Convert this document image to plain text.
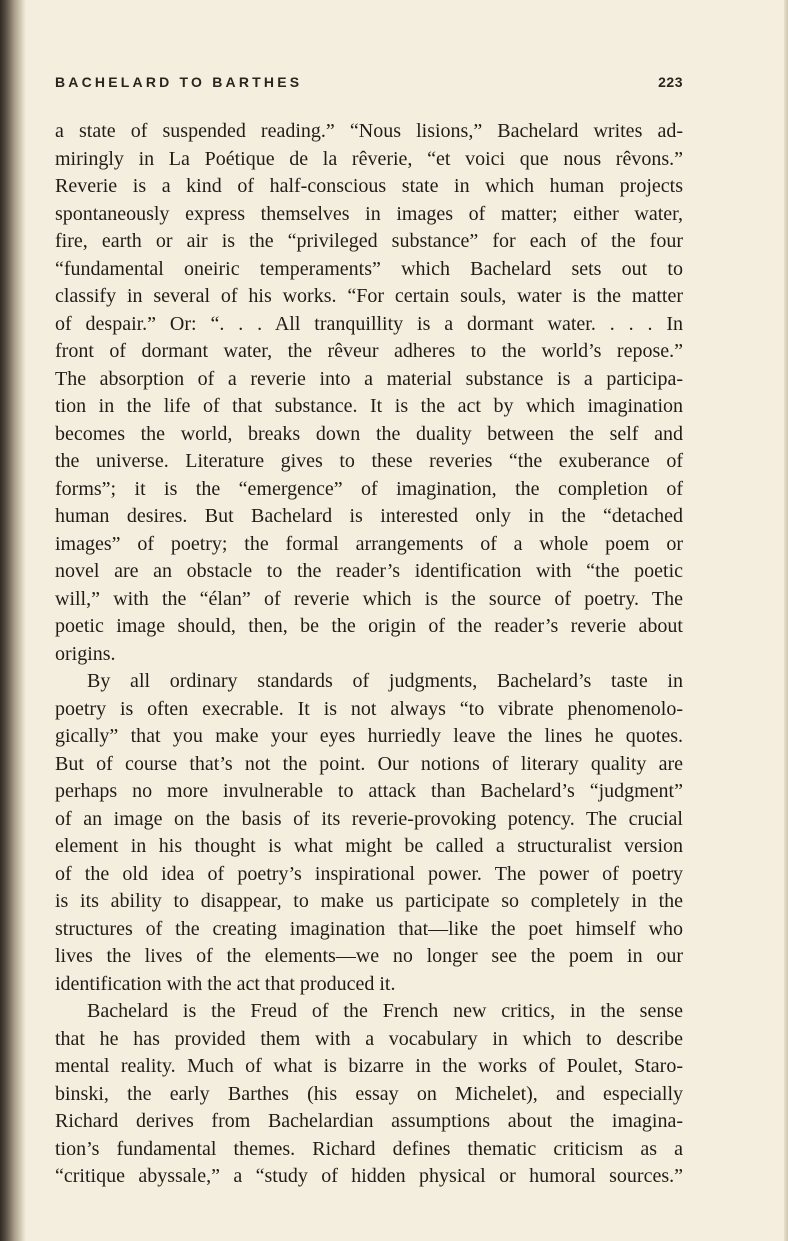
BACHELARD TO BARTHES	223
a state of suspended reading.” “Nous lisions,” Bachelard writes ad-
miringly in La Poétique de la rêverie, “et voici que nous rêvons.”
Reverie is a kind of half-conscious state in which human projects
spontaneously express themselves in images of matter; either water,
fire, earth or air is the “privileged substance” for each of the four
“fundamental oneiric temperaments” which Bachelard sets out to
classify in several of his works. “For certain souls, water is the matter
of despair.” Or: “. . . All tranquillity is a dormant water. . . . In
front of dormant water, the rêveur adheres to the world’s repose.”
The absorption of a reverie into a material substance is a participa-
tion in the life of that substance. It is the act by which imagination
becomes the world, breaks down the duality between the self and
the universe. Literature gives to these reveries “the exuberance of
forms”; it is the “emergence” of imagination, the completion of
human desires. But Bachelard is interested only in the “detached
images” of poetry; the formal arrangements of a whole poem or
novel are an obstacle to the reader’s identification with “the poetic
will,” with the “élan” of reverie which is the source of poetry. The
poetic image should, then, be the origin of the reader’s reverie about
origins.
By all ordinary standards of judgments, Bachelard’s taste in
poetry is often execrable. It is not always “to vibrate phenomenolo-
gically” that you make your eyes hurriedly leave the lines he quotes.
But of course that’s not the point. Our notions of literary quality are
perhaps no more invulnerable to attack than Bachelard’s “judgment”
of an image on the basis of its reverie-provoking potency. The crucial
element in his thought is what might be called a structuralist version
of the old idea of poetry’s inspirational power. The power of poetry
is its ability to disappear, to make us participate so completely in the
structures of the creating imagination that—like the poet himself who
lives the lives of the elements—we no longer see the poem in our
identification with the act that produced it.
Bachelard is the Freud of the French new critics, in the sense
that he has provided them with a vocabulary in which to describe
mental reality. Much of what is bizarre in the works of Poulet, Staro-
binski, the early Barthes (his essay on Michelet), and especially
Richard derives from Bachelardian assumptions about the imagina-
tion’s fundamental themes. Richard defines thematic criticism as a
“critique abyssale,” a “study of hidden physical or humoral sources.”
